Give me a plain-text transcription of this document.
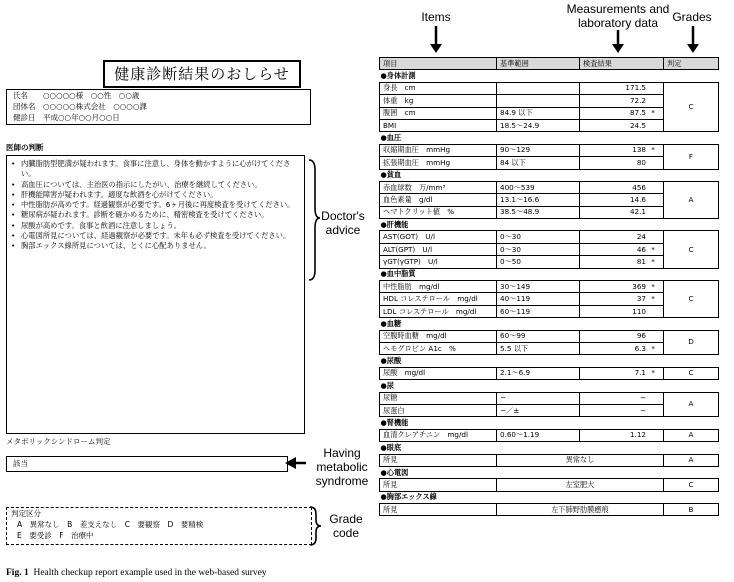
Items
Measurements and laboratory data	Grades
健康診断結果のおしらせ
氏名 ○○○○○様　○○性　○○歳
団体名 ○○○○○株式会社　○○○○課
健診日 平成○○年○○月○○日
医師の判断
• 内臓脂肪型肥満が疑われます。食事に注意し、身体を動かすように心がけてください。
• 高血圧については、主治医の指示にしたがい、治療を継続してください。
• 肝機能障害が疑われます。適度な飲酒を心がけてください。
• 中性脂肪が高めです。経過観察が必要です。6ヶ月後に再度検査を受けてください。
• 糖尿病が疑われます。診断を確かめるために、精密検査を受けてください。
• 尿酸が高めです。食事と飲酒に注意しましょう。
• 心電図所見については、経過観察が必要です。未年も必ず検査を受けてください。
• 胸部エックス線所見については、とくに心配ありません。
Doctor's advice
メタボリックシンドローム判定
該当
Having metabolic syndrome
判定区分
A　異常なし　B　差支えなし　C　要観察　D　要精検
E　要受診　F　治療中
Grade code
項目	基準範囲	検査結果	判定
●身体計測			
身長　cm		171.5	C
体重　kg		72.2	
腹囲　cm	84.9 以下	87.5 *	
BMI	18.5〜24.9	24.5	
●血圧			
収縮期血圧　mmHg	90〜129	138 *	F
拡張期血圧　mmHg	84 以下	80	
●貧血			
赤血球数　万/mm³	400〜539	456	A
血色素量　g/dl	13.1〜16.6	14.6	
ヘマトクリット値　%	38.5〜48.9	42.1	
●肝機能			
AST(GOT)　U/l	0〜30	24	C
ALT(GPT)　U/l	0〜30	46 *	
γGT(γGTP)　U/l	0〜50	81 *	
●血中脂質			
中性脂肪　mg/dl	30〜149	369 *	C
HDL コレステロール　mg/dl	40〜119	37 *	
LDL コレステロール　mg/dl	60〜119	110	
●血糖			
空腹時血糖　mg/dl	60〜99	96	D
ヘモグロビン A1c　%	5.5 以下	6.3 *	
●尿酸			
尿酸　mg/dl	2.1〜6.9	7.1 *	C
●尿			
尿糖	−	−	A
尿蛋白	−／±	−	
●腎機能			
血清クレアチニン　mg/dl	0.60〜1.19	1.12	A
●眼底			
所見	異常なし		A
●心電図			
所見	左室肥大		C
●胸部エックス線			
所見	左下肺野肋膜癒痕		B
Fig. 1 Health checkup report example used in the web-based survey
